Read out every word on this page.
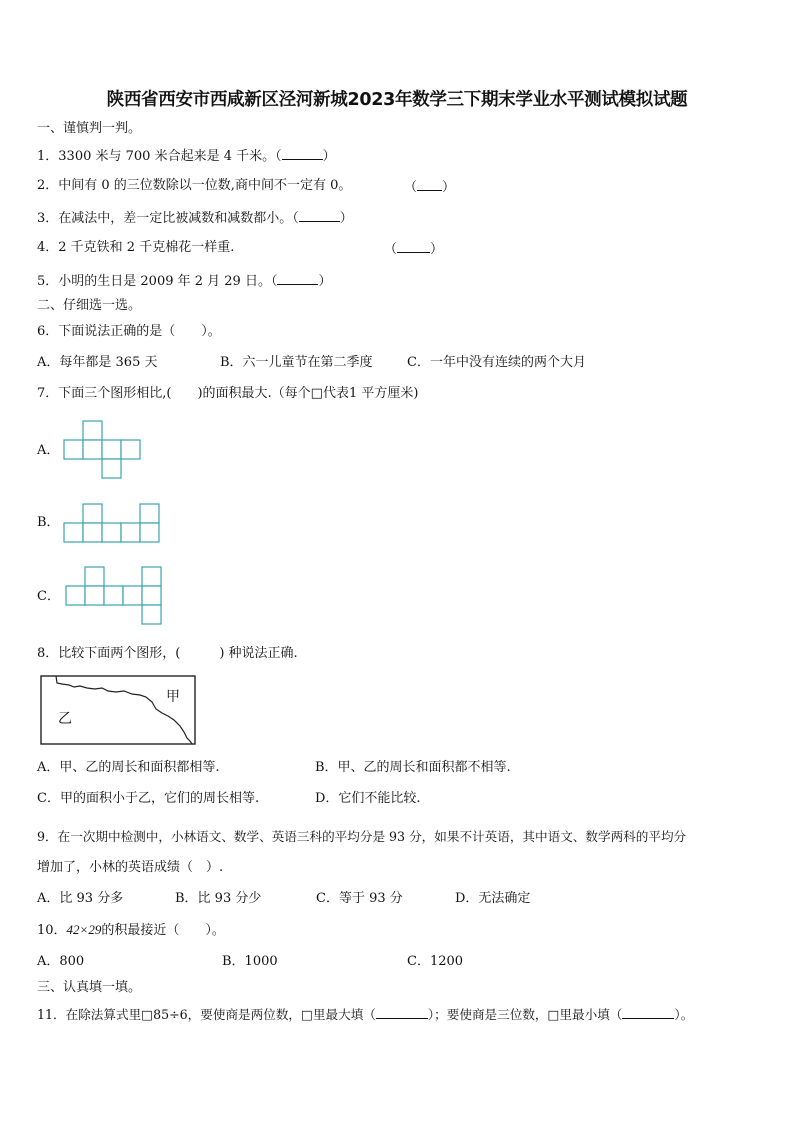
陕西省西安市西咸新区泾河新城2023年数学三下期末学业水平测试模拟试题
一、谨慎判一判。
1．3300 米与 700 米合起来是 4 千米。（	）
2．中间有 0 的三位数除以一位数,商中间不一定有 0。	（ ）
3．在减法中，差一定比被减数和减数都小。（	）
4．2 千克铁和 2 千克棉花一样重.	（	）
5．小明的生日是 2009 年 2 月 29 日。（	）
二、仔细选一选。
6．下面说法正确的是（　　）。
A．每年都是 365 天	B．六一儿童节在第二季度	C．一年中没有连续的两个大月
7．下面三个图形相比,(　　)的面积最大.（每个□代表1 平方厘米)
A．
B．
C．
8．比较下面两个图形，(　　　) 种说法正确.
甲
乙
A．甲、乙的周长和面积都相等.	B．甲、乙的周长和面积都不相等.
C．甲的面积小于乙，它们的周长相等.	D．它们不能比较.
9．在一次期中检测中，小林语文、数学、英语三科的平均分是 93 分，如果不计英语，其中语文、数学两科的平均分
增加了，小林的英语成绩（　）.
A．比 93 分多	B．比 93 分少	C．等于 93 分	D．无法确定
10．42×29的积最接近（　　）。
A．800	B．1000	C．1200
三、认真填一填。
11．在除法算式里□85÷6，要使商是两位数，□里最大填（	）；要使商是三位数，□里最小填（	）。
